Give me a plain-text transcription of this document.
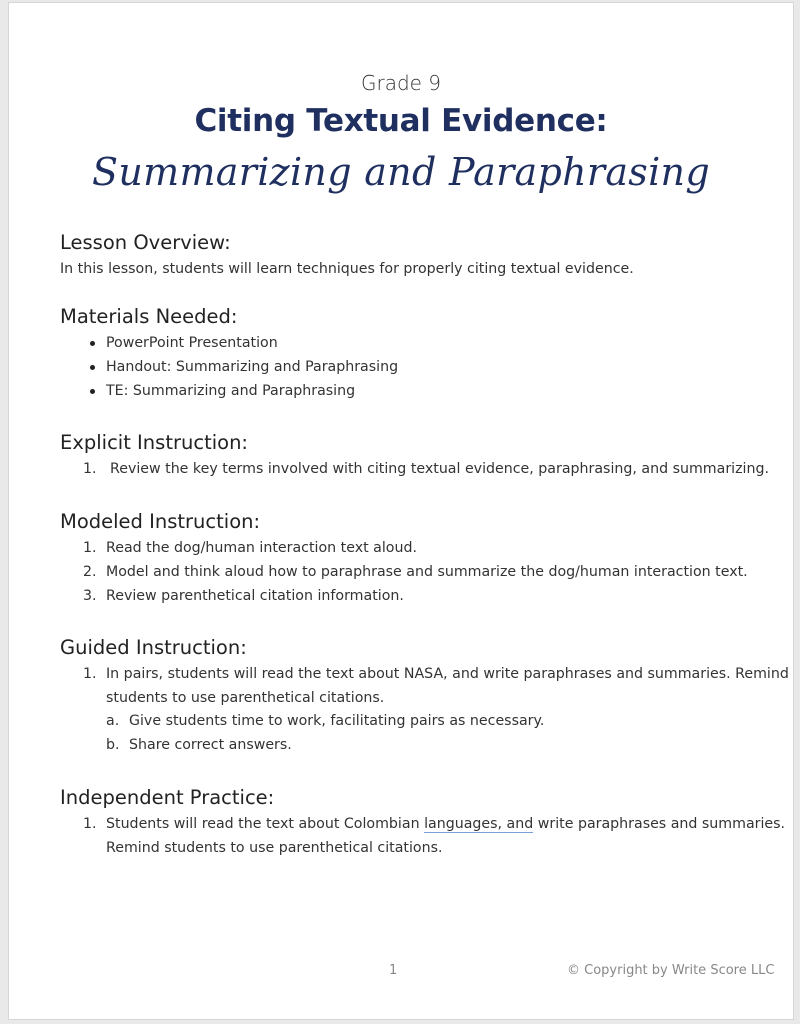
Grade 9
Citing Textual Evidence:
Summarizing and Paraphrasing
Lesson Overview:
In this lesson, students will learn techniques for properly citing textual evidence.
Materials Needed:
PowerPoint Presentation
Handout: Summarizing and Paraphrasing
TE: Summarizing and Paraphrasing
Explicit Instruction:
1. Review the key terms involved with citing textual evidence, paraphrasing, and summarizing.
Modeled Instruction:
1. Read the dog/human interaction text aloud.
2. Model and think aloud how to paraphrase and summarize the dog/human interaction text.
3. Review parenthetical citation information.
Guided Instruction:
1. In pairs, students will read the text about NASA, and write paraphrases and summaries. Remind
students to use parenthetical citations.
a. Give students time to work, facilitating pairs as necessary.
b. Share correct answers.
Independent Practice:
1. Students will read the text about Colombian languages, and write paraphrases and summaries.
Remind students to use parenthetical citations.
1	© Copyright by Write Score LLC
